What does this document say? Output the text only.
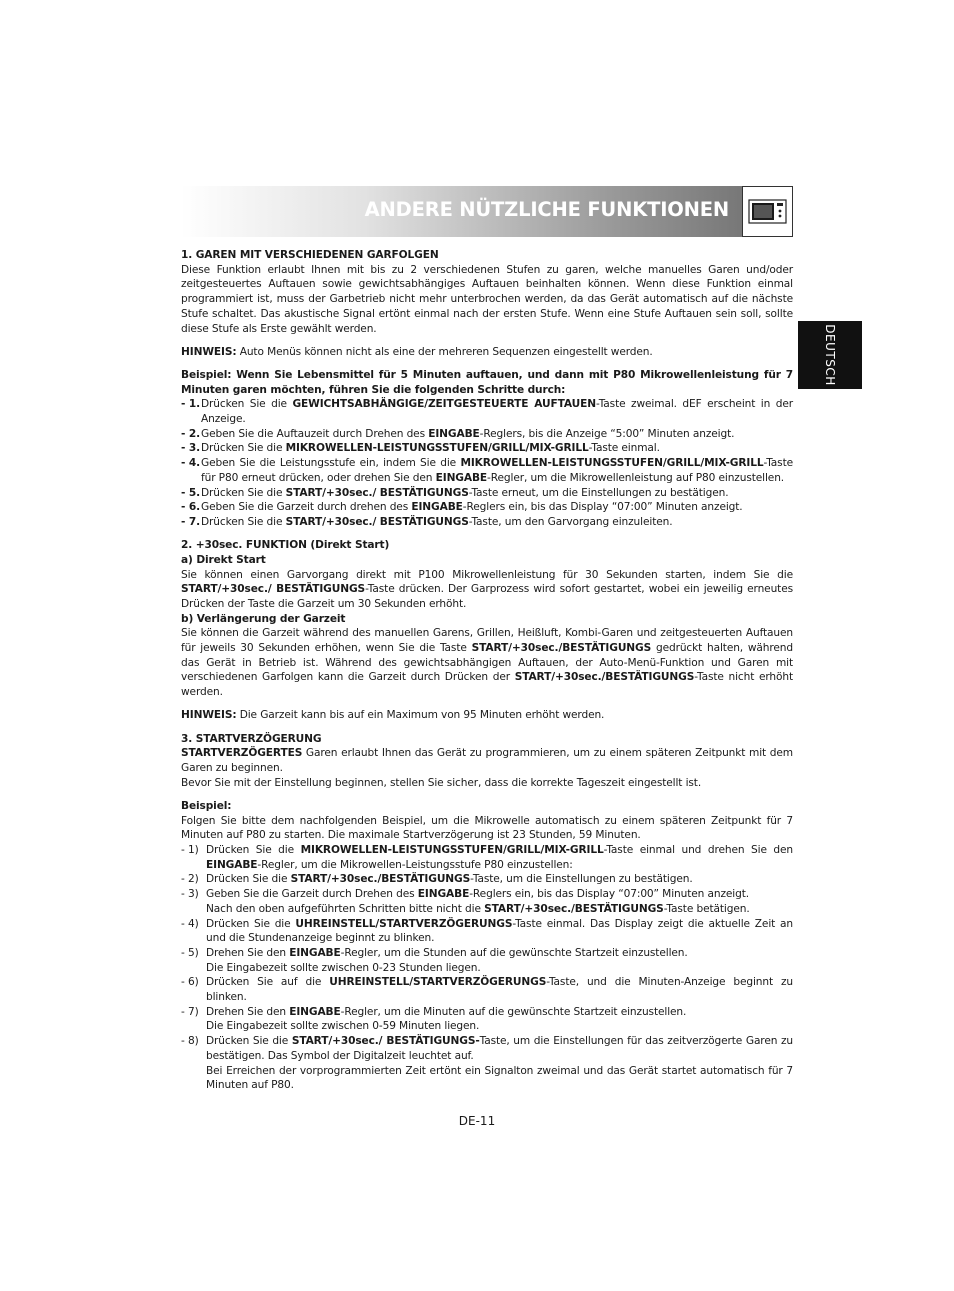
ANDERE NÜTZLICHE FUNKTIONEN
DEUTSCH

1. GAREN MIT VERSCHIEDENEN GARFOLGEN

Diese Funktion erlaubt Ihnen mit bis zu 2 verschiedenen Stufen zu garen, welche manuelles Garen und/oder zeitgesteuertes Auftauen sowie gewichtsabhängiges Auftauen beinhalten können. Wenn diese Funktion einmal programmiert ist, muss der Garbetrieb nicht mehr unterbrochen werden, da das Gerät automatisch auf die nächste Stufe schaltet. Das akustische Signal ertönt einmal nach der ersten Stufe. Wenn eine Stufe Auftauen sein soll, sollte diese Stufe als Erste gewählt werden.

HINWEIS: Auto Menüs können nicht als eine der mehreren Sequenzen eingestellt werden.

Beispiel: Wenn Sie Lebensmittel für 5 Minuten auftauen, und dann mit P80 Mikrowellenleistung für 7 Minuten garen möchten, führen Sie die folgenden Schritte durch:

- 1. Drücken Sie die GEWICHTSABHÄNGIGE/ZEITGESTEUERTE AUFTAUEN-Taste zweimal. dEF erscheint in der Anzeige.
- 2. Geben Sie die Auftauzeit durch Drehen des EINGABE-Reglers, bis die Anzeige “5:00” Minuten anzeigt.
- 3. Drücken Sie die MIKROWELLEN-LEISTUNGSSTUFEN/GRILL/MIX-GRILL-Taste einmal.
- 4. Geben Sie die Leistungsstufe ein, indem Sie die MIKROWELLEN-LEISTUNGSSTUFEN/GRILL/MIX-GRILL-Taste für P80 erneut drücken, oder drehen Sie den EINGABE-Regler, um die Mikrowellenleistung auf P80 einzustellen.
- 5. Drücken Sie die START/+30sec./ BESTÄTIGUNGS-Taste erneut, um die Einstellungen zu bestätigen.
- 6. Geben Sie die Garzeit durch drehen des EINGABE-Reglers ein, bis das Display “07:00” Minuten anzeigt.
- 7. Drücken Sie die START/+30sec./ BESTÄTIGUNGS-Taste, um den Garvorgang einzuleiten.

2. +30sec. FUNKTION (Direkt Start)

a) Direkt Start

Sie können einen Garvorgang direkt mit P100 Mikrowellenleistung für 30 Sekunden starten, indem Sie die START/+30sec./ BESTÄTIGUNGS-Taste drücken. Der Garprozess wird sofort gestartet, wobei ein jeweilig erneutes Drücken der Taste die Garzeit um 30 Sekunden erhöht.

b) Verlängerung der Garzeit

Sie können die Garzeit während des manuellen Garens, Grillen, Heißluft, Kombi-Garen und zeitgesteuerten Auftauen für jeweils 30 Sekunden erhöhen, wenn Sie die Taste START/+30sec./BESTÄTIGUNGS gedrückt halten, während das Gerät in Betrieb ist. Während des gewichtsabhängigen Auftauen, der Auto-Menü-Funktion und Garen mit verschiedenen Garfolgen kann die Garzeit durch Drücken der START/+30sec./BESTÄTIGUNGS-Taste nicht erhöht werden.

HINWEIS: Die Garzeit kann bis auf ein Maximum von 95 Minuten erhöht werden.

3. STARTVERZÖGERUNG

STARTVERZÖGERTES Garen erlaubt Ihnen das Gerät zu programmieren, um zu einem späteren Zeitpunkt mit dem Garen zu beginnen.

Bevor Sie mit der Einstellung beginnen, stellen Sie sicher, dass die korrekte Tageszeit eingestellt ist.

Beispiel:

Folgen Sie bitte dem nachfolgenden Beispiel, um die Mikrowelle automatisch zu einem späteren Zeitpunkt für 7 Minuten auf P80 zu starten. Die maximale Startverzögerung ist 23 Stunden, 59 Minuten.

- 1) Drücken Sie die MIKROWELLEN-LEISTUNGSSTUFEN/GRILL/MIX-GRILL-Taste einmal und drehen Sie den EINGABE-Regler, um die Mikrowellen-Leistungsstufe P80 einzustellen:
- 2) Drücken Sie die START/+30sec./BESTÄTIGUNGS-Taste, um die Einstellungen zu bestätigen.
- 3) Geben Sie die Garzeit durch Drehen des EINGABE-Reglers ein, bis das Display “07:00” Minuten anzeigt.
Nach den oben aufgeführten Schritten bitte nicht die START/+30sec./BESTÄTIGUNGS-Taste betätigen.
- 4) Drücken Sie die UHREINSTELL/STARTVERZÖGERUNGS-Taste einmal. Das Display zeigt die aktuelle Zeit an und die Stundenanzeige beginnt zu blinken.
- 5) Drehen Sie den EINGABE-Regler, um die Stunden auf die gewünschte Startzeit einzustellen.
Die Eingabezeit sollte zwischen 0-23 Stunden liegen.
- 6) Drücken Sie auf die UHREINSTELL/STARTVERZÖGERUNGS-Taste, und die Minuten-Anzeige beginnt zu blinken.
- 7) Drehen Sie den EINGABE-Regler, um die Minuten auf die gewünschte Startzeit einzustellen.
Die Eingabezeit sollte zwischen 0-59 Minuten liegen.
- 8) Drücken Sie die START/+30sec./ BESTÄTIGUNGS-Taste, um die Einstellungen für das zeitverzögerte Garen zu bestätigen. Das Symbol der Digitalzeit leuchtet auf.
Bei Erreichen der vorprogrammierten Zeit ertönt ein Signalton zweimal und das Gerät startet automatisch für 7 Minuten auf P80.
DE-11
